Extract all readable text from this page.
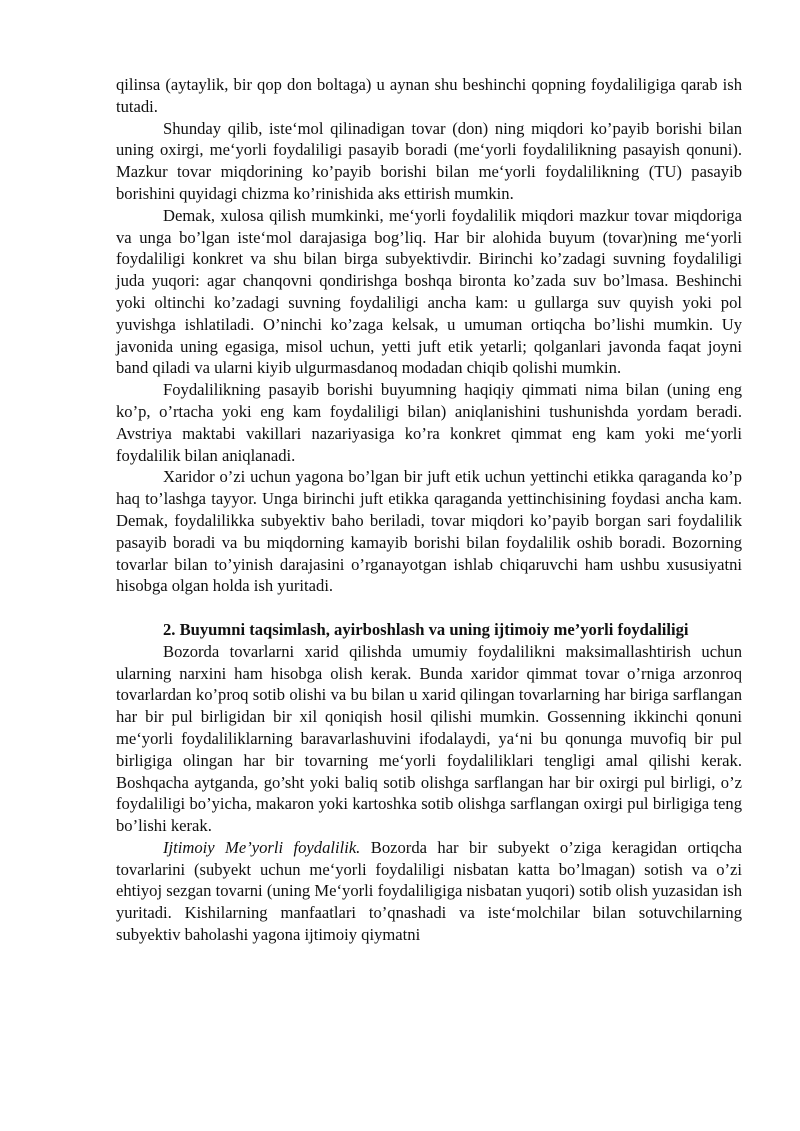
qilinsa (aytaylik, bir qop don boltaga) u aynan shu beshinchi qopning foydaliligiga qarab ish tutadi.

Shunday qilib, iste‘mol qilinadigan tovar (don) ning miqdori ko’payib borishi bilan uning oxirgi, me‘yorli foydaliligi pasayib boradi (me‘yorli foydalilikning pasayish qonuni). Mazkur tovar miqdorining ko’payib borishi bilan me‘yorli foydalilikning (TU) pasayib borishini quyidagi chizma ko’rinishida aks ettirish mumkin.

Demak, xulosa qilish mumkinki, me‘yorli foydalilik miqdori mazkur tovar miqdoriga va unga bo’lgan iste‘mol darajasiga bog’liq. Har bir alohida buyum (tovar)ning me‘yorli foydaliligi konkret va shu bilan birga subyektivdir. Birinchi ko’zadagi suvning foydaliligi juda yuqori: agar chanqovni qondirishga boshqa bironta ko’zada suv bo’lmasa. Beshinchi yoki oltinchi ko’zadagi suvning foydaliligi ancha kam: u gullarga suv quyish yoki pol yuvishga ishlatiladi. O’ninchi ko’zaga kelsak, u umuman ortiqcha bo’lishi mumkin. Uy javonida uning egasiga, misol uchun, yetti juft etik yetarli; qolganlari javonda faqat joyni band qiladi va ularni kiyib ulgurmasdanoq modadan chiqib qolishi mumkin.

Foydalilikning pasayib borishi buyumning haqiqiy qimmati nima bilan (uning eng ko’p, o’rtacha yoki eng kam foydaliligi bilan) aniqlanishini tushunishda yordam beradi. Avstriya maktabi vakillari nazariyasiga ko’ra konkret qimmat eng kam yoki me‘yorli foydalilik bilan aniqlanadi.

Xaridor o’zi uchun yagona bo’lgan bir juft etik uchun yettinchi etikka qaraganda ko’p haq to’lashga tayyor. Unga birinchi juft etikka qaraganda yettinchisining foydasi ancha kam. Demak, foydalilikka subyektiv baho beriladi, tovar miqdori ko’payib borgan sari foydalilik pasayib boradi va bu miqdorning kamayib borishi bilan foydalilik oshib boradi. Bozorning tovarlar bilan to’yinish darajasini o’rganayotgan ishlab chiqaruvchi ham ushbu xususiyatni hisobga olgan holda ish yuritadi.

2. Buyumni taqsimlash, ayirboshlash va uning ijtimoiy me’yorli foydaliligi

Bozorda tovarlarni xarid qilishda umumiy foydalilikni maksimallashtirish uchun ularning narxini ham hisobga olish kerak. Bunda xaridor qimmat tovar o’rniga arzonroq tovarlardan ko’proq sotib olishi va bu bilan u xarid qilingan tovarlarning har biriga sarflangan har bir pul birligidan bir xil qoniqish hosil qilishi mumkin. Gossenning ikkinchi qonuni me‘yorli foydaliliklarning baravarlashuvini ifodalaydi, ya‘ni bu qonunga muvofiq bir pul birligiga olingan har bir tovarning me‘yorli foydaliliklari tengligi amal qilishi kerak. Boshqacha aytganda, go’sht yoki baliq sotib olishga sarflangan har bir oxirgi pul birligi, o’z foydaliligi bo’yicha, makaron yoki kartoshka sotib olishga sarflangan oxirgi pul birligiga teng bo’lishi kerak.

Ijtimoiy Me’yorli foydalilik. Bozorda har bir subyekt o’ziga keragidan ortiqcha tovarlarini (subyekt uchun me‘yorli foydaliligi nisbatan katta bo’lmagan) sotish va o’zi ehtiyoj sezgan tovarni (uning Me‘yorli foydaliligiga nisbatan yuqori) sotib olish yuzasidan ish yuritadi. Kishilarning manfaatlari to’qnashadi va iste‘molchilar bilan sotuvchilarning subyektiv baholashi yagona ijtimoiy qiymatni
